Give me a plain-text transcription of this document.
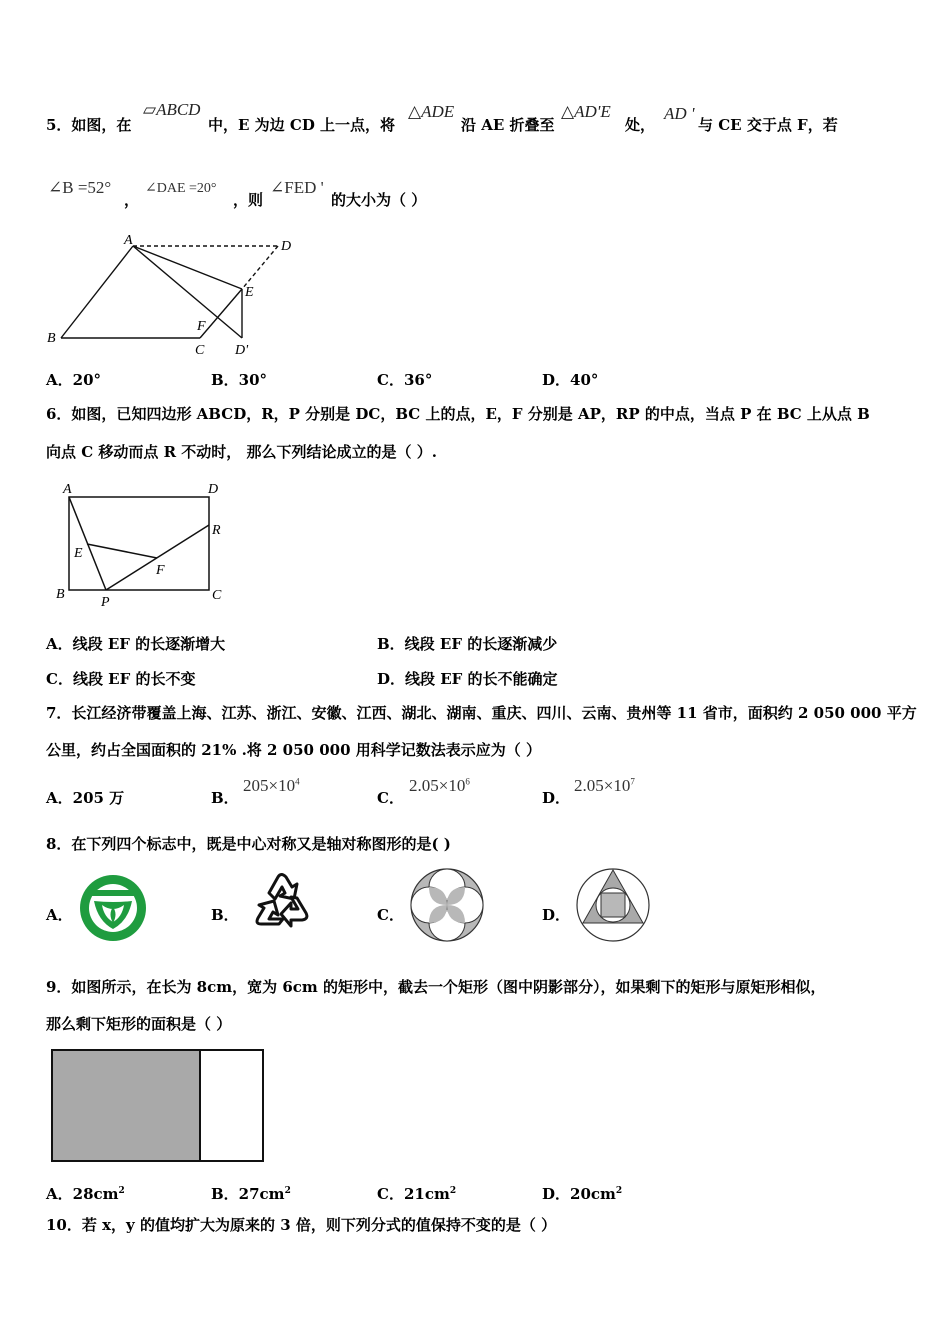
5．如图，在
▱ABCD
中，E 为边 CD 上一点，将
△ADE
沿 AE 折叠至
△AD'E
处，
AD '
与 CE 交于点 F，若
∠B =52°
，
∠DAE =20°
，则
∠FED '
的大小为（ ）
A	D
E
F
B
C D'
A．20°	B．30°	C．36°	D．40°
6．如图，已知四边形 ABCD，R，P 分别是 DC，BC 上的点，E，F 分别是 AP，RP 的中点，当点 P 在 BC 上从点 B
向点 C 移动而点 R 不动时， 那么下列结论成立的是（ ）.
A	D
E
F
R
B
P	C
A．线段 EF 的长逐渐增大	B．线段 EF 的长逐渐减少
C．线段 EF 的长不变	D．线段 EF 的长不能确定
7．长江经济带覆盖上海、江苏、浙江、安徽、江西、湖北、湖南、重庆、四川、云南、贵州等 11 省市，面积约 2 050 000 平方
公里，约占全国面积的 21% .将 2 050 000 用科学记数法表示应为（ ）
A．205 万	B．
$205\times 10^4$
C．
$2.05\times 10^6$
D．
$2.05\times 10^7$
8．在下列四个标志中，既是中心对称又是轴对称图形的是( )
A．	B．	C．	D．
9．如图所示，在长为 8cm，宽为 6cm 的矩形中，截去一个矩形（图中阴影部分），如果剩下的矩形与原矩形相似，
那么剩下矩形的面积是（ ）
A．$28cm^2$	B．$27cm^2$	C．$21cm^2$	D．$20cm^2$
10．若 x，y 的值均扩大为原来的 3 倍，则下列分式的值保持不变的是（ ）
